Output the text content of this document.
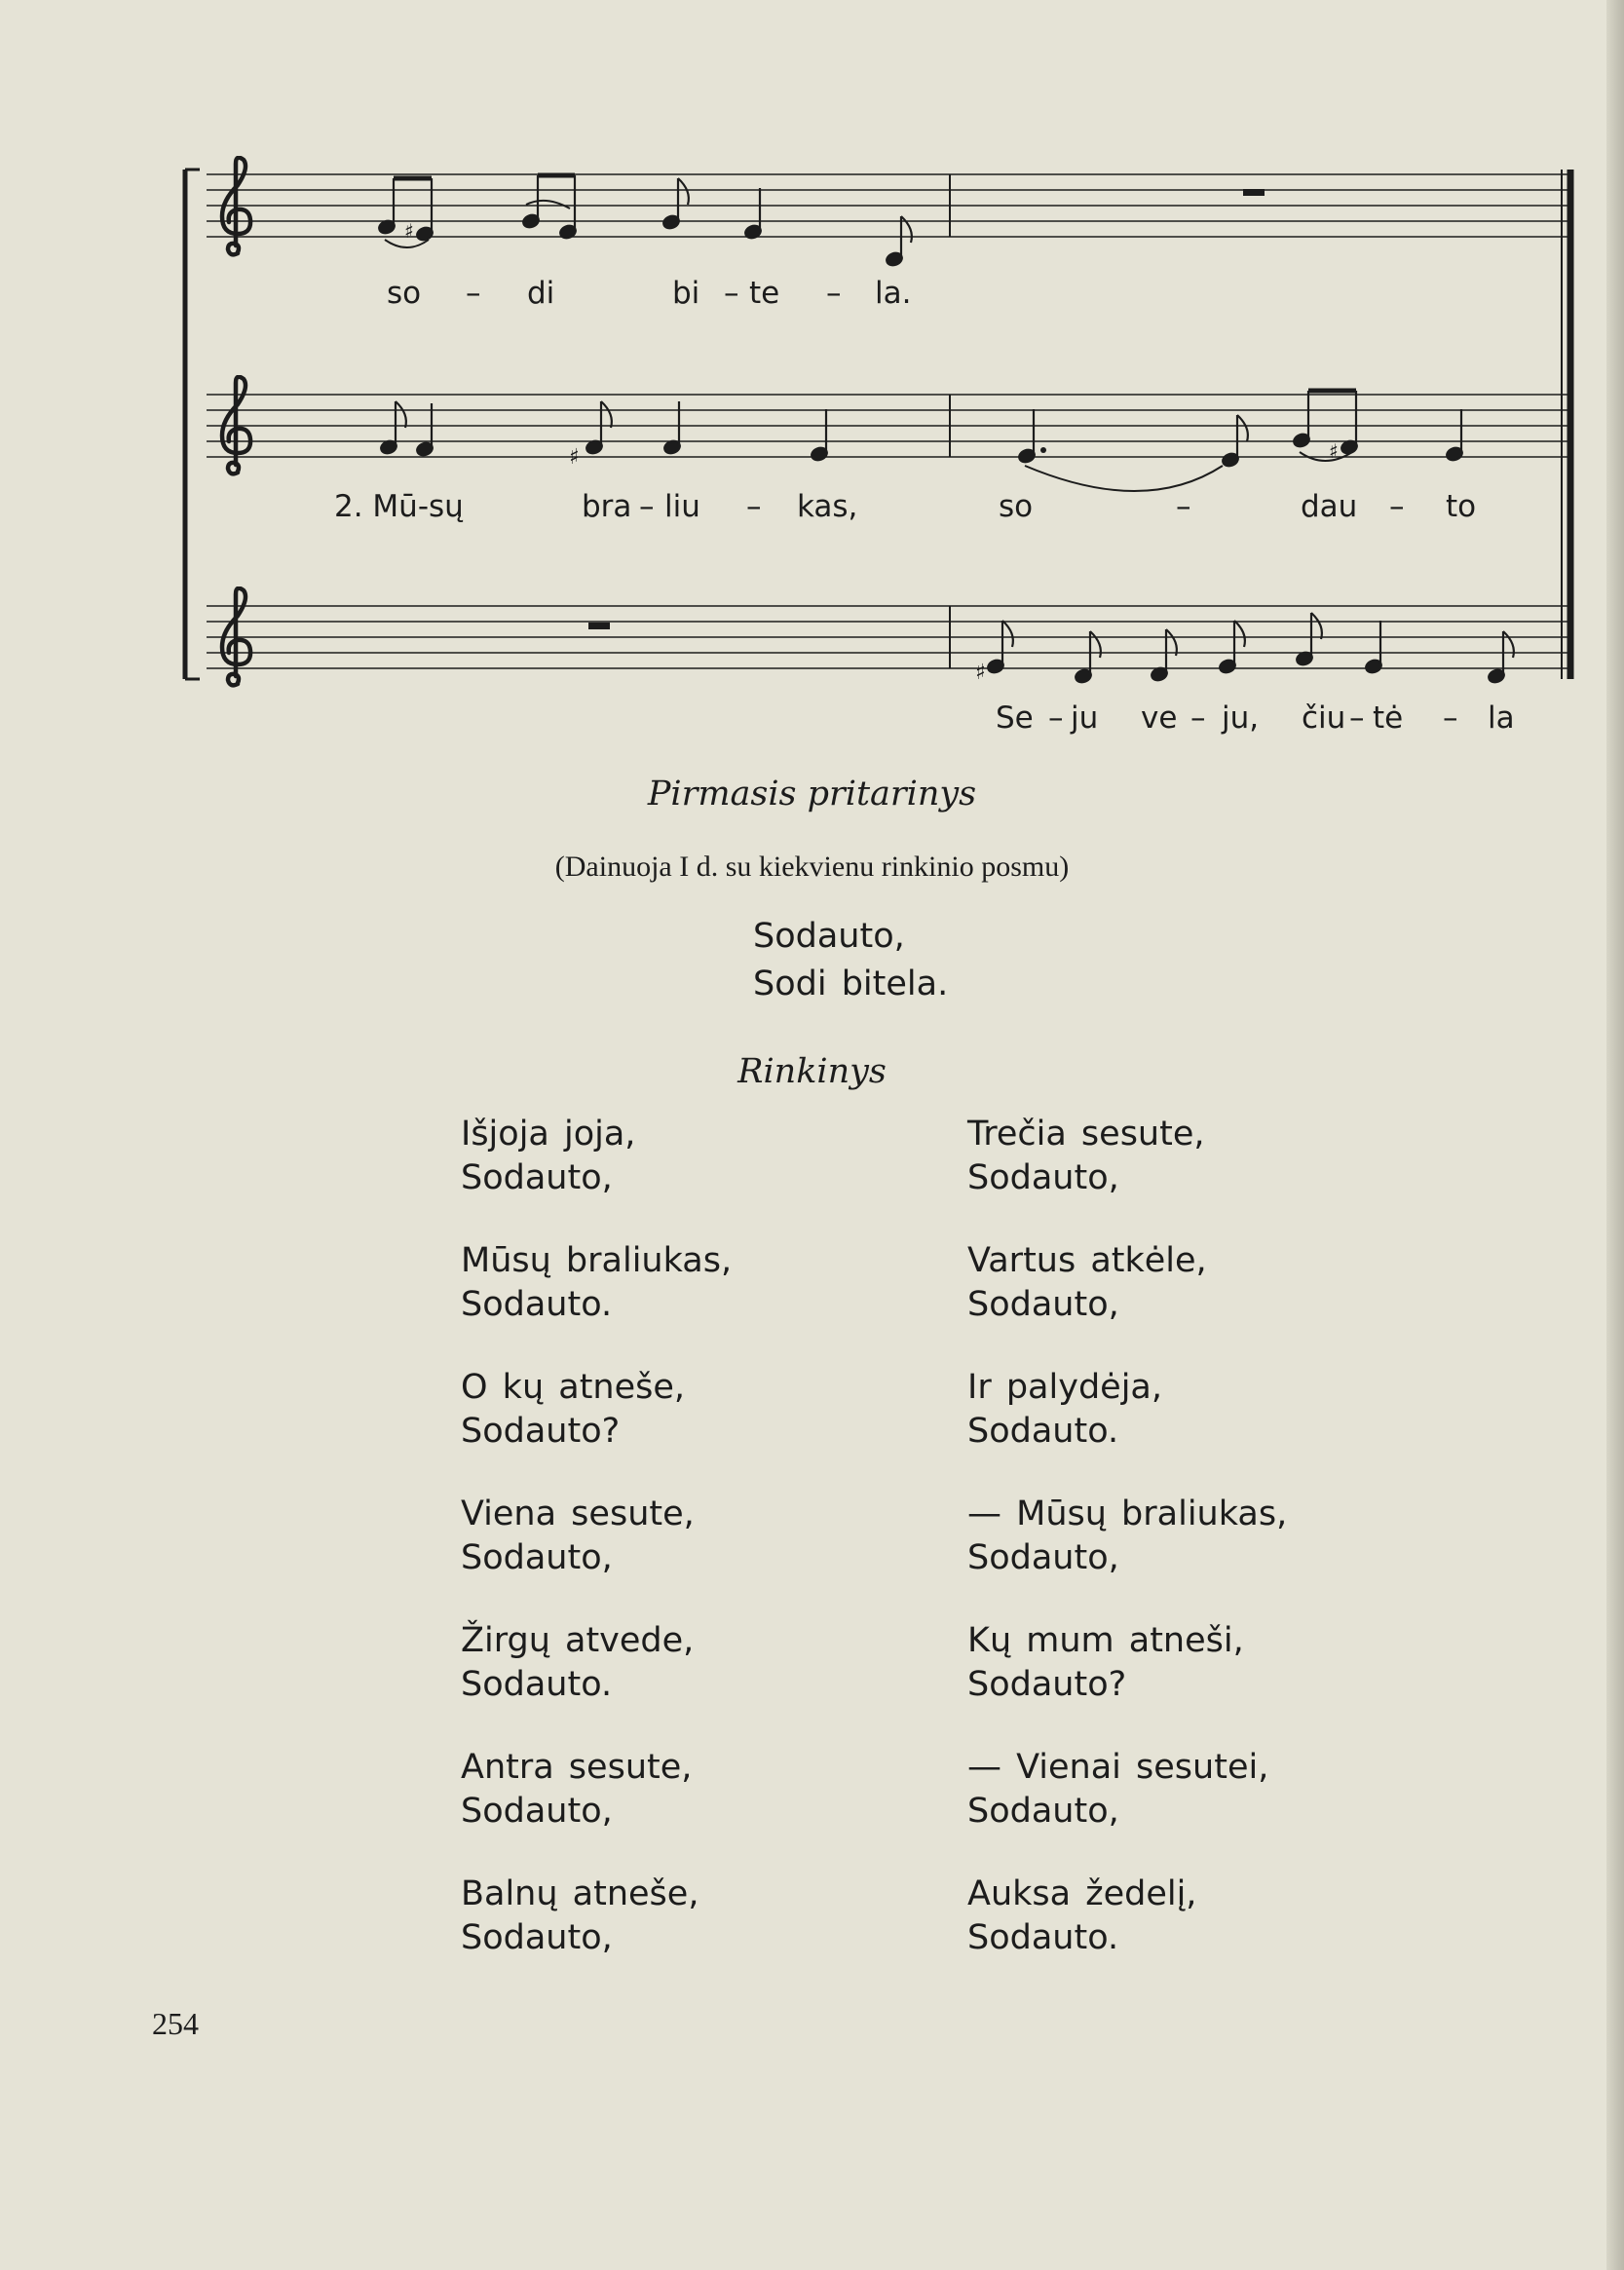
♯
♯	♯
♯
so – di	bi – te – la.
2. Mū-sų	bra – liu – kas,	so	–	dau – to
Se – ju ve – ju, čiu – tė – la
Pirmasis pritarinys
(Dainuoja I d. su kiekvienu rinkinio posmu)
Sodauto,
Sodi bitela.
Rinkinys
Išjoja joja,
Sodauto,
Mūsų braliukas,
Sodauto.
O kų atneše,
Sodauto?
Viena sesute,
Sodauto,
Žirgų atvede,
Sodauto.
Antra sesute,
Sodauto,
Balnų atneše,
Sodauto,
Trečia sesute,
Sodauto,
Vartus atkėle,
Sodauto,
Ir palydėja,
Sodauto.
— Mūsų braliukas,
Sodauto,
Kų mum atneši,
Sodauto?
— Vienai sesutei,
Sodauto,
Auksa žedelį,
Sodauto.
254
